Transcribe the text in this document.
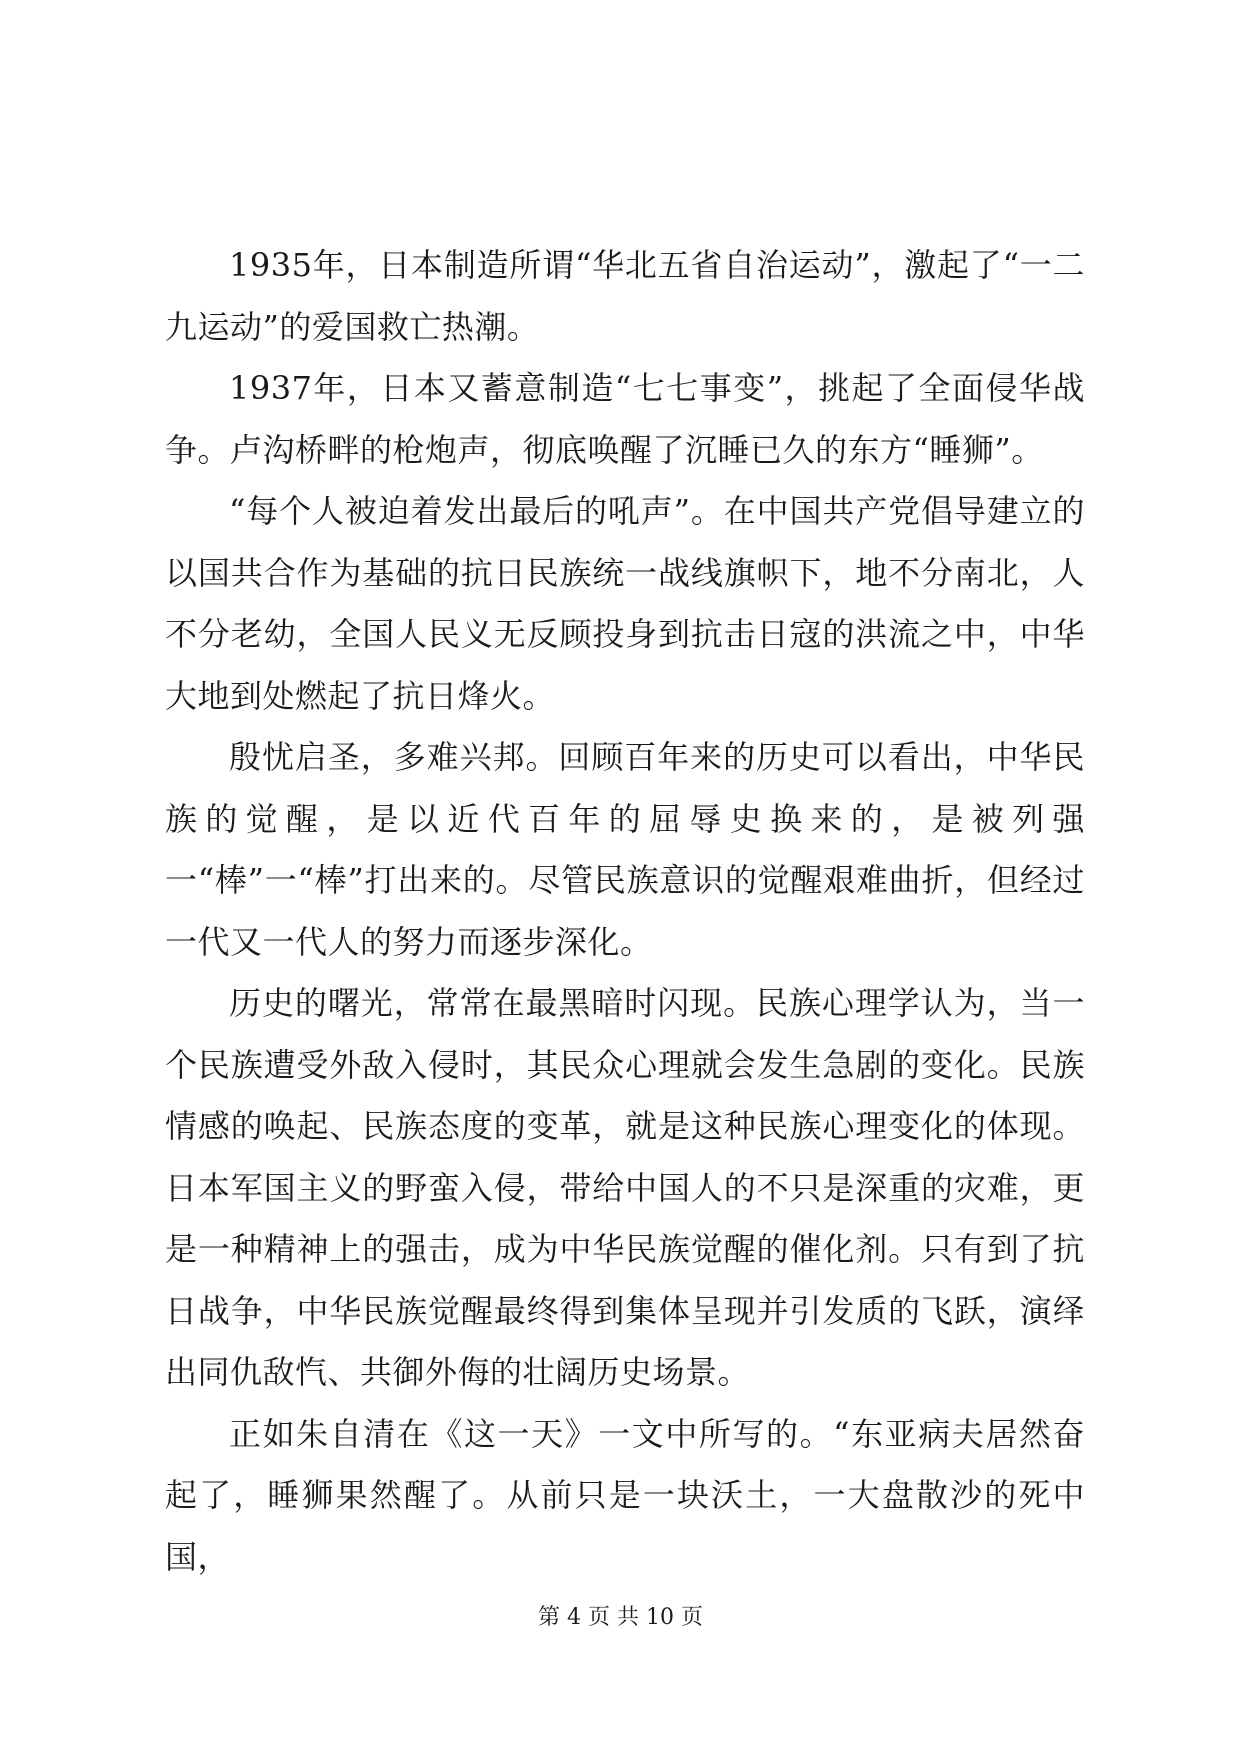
1935年，日本制造所谓“华北五省自治运动”，激起了“一二九运动”的爱国救亡热潮。

1937年，日本又蓄意制造“七七事变”，挑起了全面侵华战争。卢沟桥畔的枪炮声，彻底唤醒了沉睡已久的东方“睡狮”。

“每个人被迫着发出最后的吼声”。在中国共产党倡导建立的以国共合作为基础的抗日民族统一战线旗帜下，地不分南北，人不分老幼，全国人民义无反顾投身到抗击日寇的洪流之中，中华大地到处燃起了抗日烽火。

殷忧启圣，多难兴邦。回顾百年来的历史可以看出，中华民族的觉醒，是以近代百年的屈辱史换来的，是被列强一“棒”一“棒”打出来的。尽管民族意识的觉醒艰难曲折，但经过一代又一代人的努力而逐步深化。

历史的曙光，常常在最黑暗时闪现。民族心理学认为，当一个民族遭受外敌入侵时，其民众心理就会发生急剧的变化。民族情感的唤起、民族态度的变革，就是这种民族心理变化的体现。日本军国主义的野蛮入侵，带给中国人的不只是深重的灾难，更是一种精神上的强击，成为中华民族觉醒的催化剂。只有到了抗日战争，中华民族觉醒最终得到集体呈现并引发质的飞跃，演绎出同仇敌忾、共御外侮的壮阔历史场景。

正如朱自清在《这一天》一文中所写的。“东亚病夫居然奋起了，睡狮果然醒了。从前只是一块沃土，一大盘散沙的死中国，

第 4 页 共 10 页
